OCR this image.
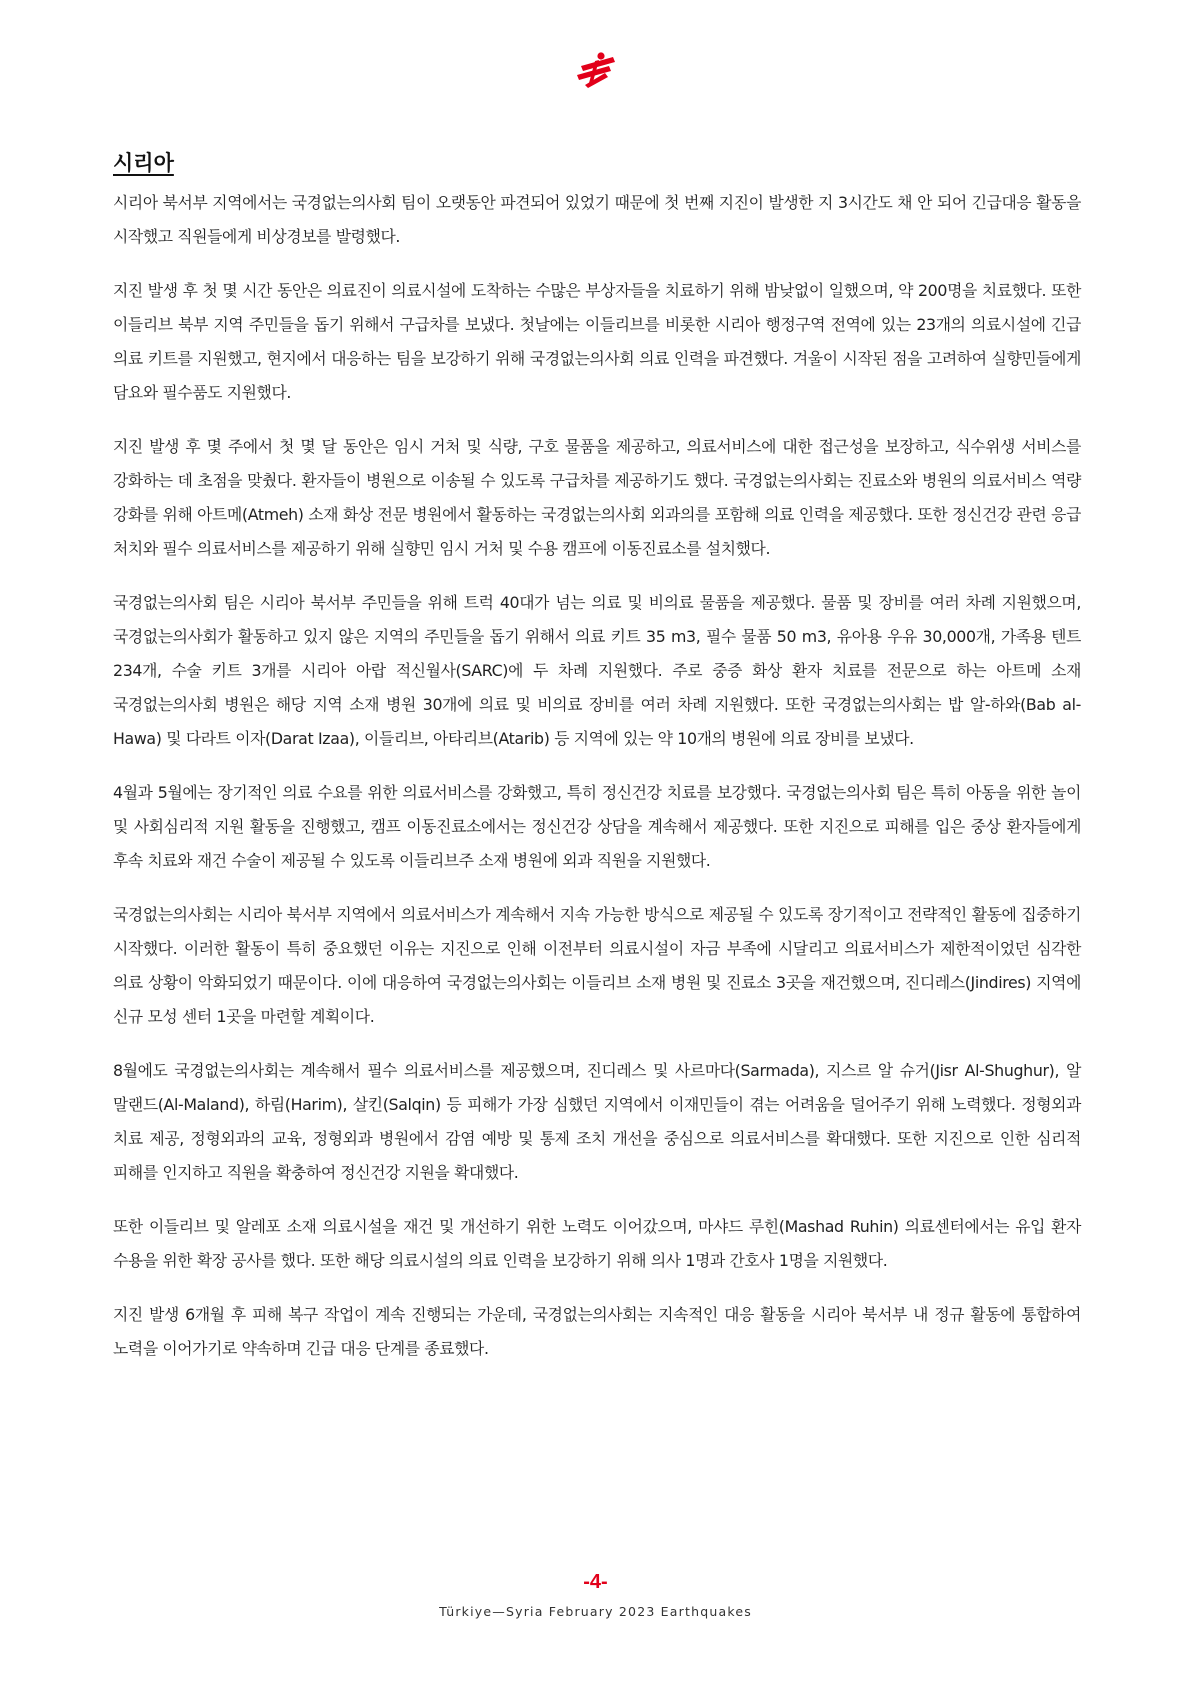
시리아

시리아 북서부 지역에서는 국경없는의사회 팀이 오랫동안 파견되어 있었기 때문에 첫 번째 지진이 발생한 지 3시간도 채 안 되어 긴급대응 활동을 시작했고 직원들에게 비상경보를 발령했다.

지진 발생 후 첫 몇 시간 동안은 의료진이 의료시설에 도착하는 수많은 부상자들을 치료하기 위해 밤낮없이 일했으며, 약 200명을 치료했다. 또한 이들리브 북부 지역 주민들을 돕기 위해서 구급차를 보냈다. 첫날에는 이들리브를 비롯한 시리아 행정구역 전역에 있는 23개의 의료시설에 긴급 의료 키트를 지원했고, 현지에서 대응하는 팀을 보강하기 위해 국경없는의사회 의료 인력을 파견했다. 겨울이 시작된 점을 고려하여 실향민들에게 담요와 필수품도 지원했다.

지진 발생 후 몇 주에서 첫 몇 달 동안은 임시 거처 및 식량, 구호 물품을 제공하고, 의료서비스에 대한 접근성을 보장하고, 식수위생 서비스를 강화하는 데 초점을 맞췄다. 환자들이 병원으로 이송될 수 있도록 구급차를 제공하기도 했다. 국경없는의사회는 진료소와 병원의 의료서비스 역량 강화를 위해 아트메(Atmeh) 소재 화상 전문 병원에서 활동하는 국경없는의사회 외과의를 포함해 의료 인력을 제공했다. 또한 정신건강 관련 응급 처치와 필수 의료서비스를 제공하기 위해 실향민 임시 거처 및 수용 캠프에 이동진료소를 설치했다.

국경없는의사회 팀은 시리아 북서부 주민들을 위해 트럭 40대가 넘는 의료 및 비의료 물품을 제공했다. 물품 및 장비를 여러 차례 지원했으며, 국경없는의사회가 활동하고 있지 않은 지역의 주민들을 돕기 위해서 의료 키트 35 m3, 필수 물품 50 m3, 유아용 우유 30,000개, 가족용 텐트 234개, 수술 키트 3개를 시리아 아랍 적신월사(SARC)에 두 차례 지원했다. 주로 중증 화상 환자 치료를 전문으로 하는 아트메 소재 국경없는의사회 병원은 해당 지역 소재 병원 30개에 의료 및 비의료 장비를 여러 차례 지원했다. 또한 국경없는의사회는 밥 알-하와(Bab al-Hawa) 및 다라트 이자(Darat Izaa), 이들리브, 아타리브(Atarib) 등 지역에 있는 약 10개의 병원에 의료 장비를 보냈다.

4월과 5월에는 장기적인 의료 수요를 위한 의료서비스를 강화했고, 특히 정신건강 치료를 보강했다. 국경없는의사회 팀은 특히 아동을 위한 놀이 및 사회심리적 지원 활동을 진행했고, 캠프 이동진료소에서는 정신건강 상담을 계속해서 제공했다. 또한 지진으로 피해를 입은 중상 환자들에게 후속 치료와 재건 수술이 제공될 수 있도록 이들리브주 소재 병원에 외과 직원을 지원했다.

국경없는의사회는 시리아 북서부 지역에서 의료서비스가 계속해서 지속 가능한 방식으로 제공될 수 있도록 장기적이고 전략적인 활동에 집중하기 시작했다. 이러한 활동이 특히 중요했던 이유는 지진으로 인해 이전부터 의료시설이 자금 부족에 시달리고 의료서비스가 제한적이었던 심각한 의료 상황이 악화되었기 때문이다. 이에 대응하여 국경없는의사회는 이들리브 소재 병원 및 진료소 3곳을 재건했으며, 진디레스(Jindires) 지역에 신규 모성 센터 1곳을 마련할 계획이다.

8월에도 국경없는의사회는 계속해서 필수 의료서비스를 제공했으며, 진디레스 및 사르마다(Sarmada), 지스르 알 슈거(Jisr Al-Shughur), 알 말랜드(Al-Maland), 하림(Harim), 살킨(Salqin) 등 피해가 가장 심했던 지역에서 이재민들이 겪는 어려움을 덜어주기 위해 노력했다. 정형외과 치료 제공, 정형외과의 교육, 정형외과 병원에서 감염 예방 및 통제 조치 개선을 중심으로 의료서비스를 확대했다. 또한 지진으로 인한 심리적 피해를 인지하고 직원을 확충하여 정신건강 지원을 확대했다.

또한 이들리브 및 알레포 소재 의료시설을 재건 및 개선하기 위한 노력도 이어갔으며, 마샤드 루힌(Mashad Ruhin) 의료센터에서는 유입 환자 수용을 위한 확장 공사를 했다. 또한 해당 의료시설의 의료 인력을 보강하기 위해 의사 1명과 간호사 1명을 지원했다.

지진 발생 6개월 후 피해 복구 작업이 계속 진행되는 가운데, 국경없는의사회는 지속적인 대응 활동을 시리아 북서부 내 정규 활동에 통합하여 노력을 이어가기로 약속하며 긴급 대응 단계를 종료했다.

-4-
Türkiye—Syria February 2023 Earthquakes
